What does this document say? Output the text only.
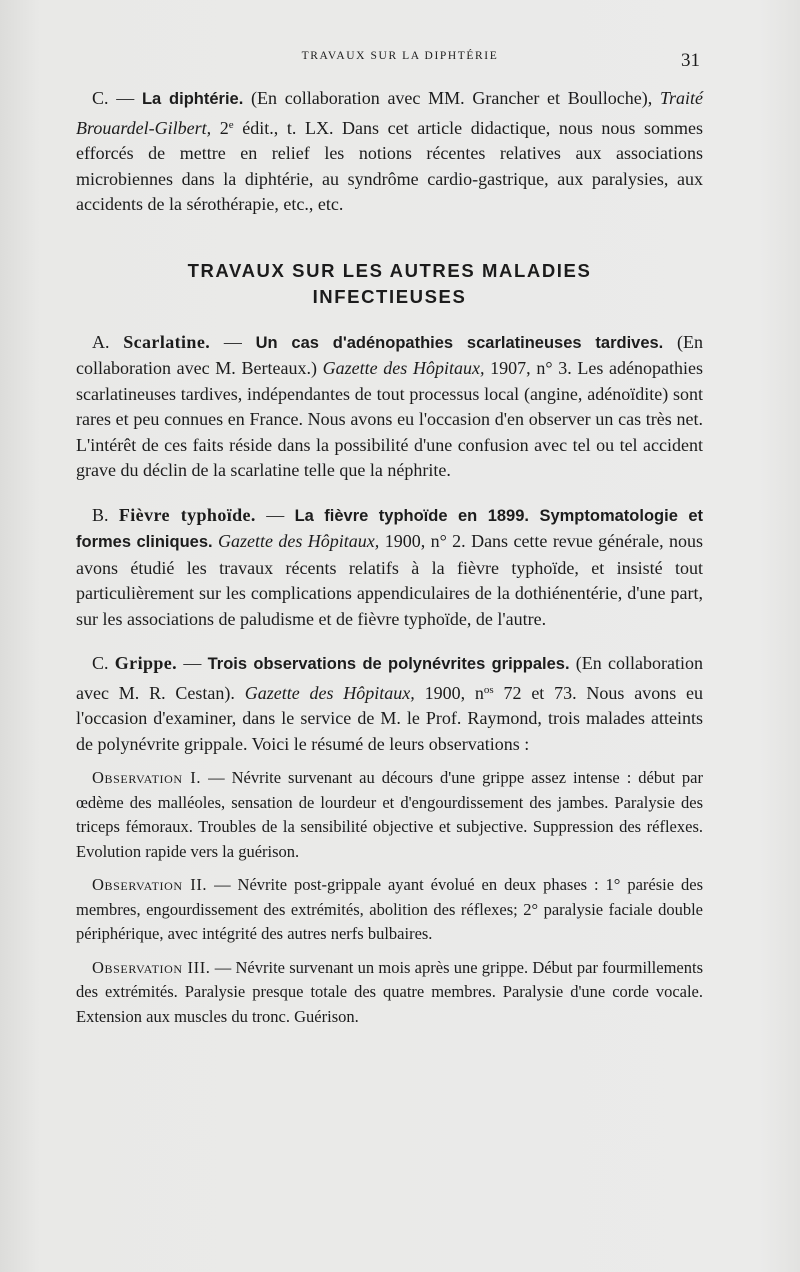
TRAVAUX SUR LA DIPHTÉRIE	31

C. — La diphtérie. (En collaboration avec MM. Grancher et Boulloche), Traité Brouardel-Gilbert, 2e édit., t. LX. Dans cet article didactique, nous nous sommes efforcés de mettre en relief les notions récentes relatives aux associations microbiennes dans la diphtérie, au syndrôme cardio-gastrique, aux paralysies, aux accidents de la sérothérapie, etc., etc.

TRAVAUX SUR LES AUTRES MALADIES
INFECTIEUSES

A. Scarlatine. — Un cas d'adénopathies scarlatineuses tardives. (En collaboration avec M. Berteaux.) Gazette des Hôpitaux, 1907, n° 3. Les adénopathies scarlatineuses tardives, indépendantes de tout processus local (angine, adénoïdite) sont rares et peu connues en France. Nous avons eu l'occasion d'en observer un cas très net. L'intérêt de ces faits réside dans la possibilité d'une confusion avec tel ou tel accident grave du déclin de la scarlatine telle que la néphrite.

B. Fièvre typhoïde. — La fièvre typhoïde en 1899. Symptomatologie et formes cliniques. Gazette des Hôpitaux, 1900, n° 2. Dans cette revue générale, nous avons étudié les travaux récents relatifs à la fièvre typhoïde, et insisté tout particulièrement sur les complications appendiculaires de la dothiénentérie, d'une part, sur les associations de paludisme et de fièvre typhoïde, de l'autre.

C. Grippe. — Trois observations de polynévrites grippales. (En collaboration avec M. R. Cestan). Gazette des Hôpitaux, 1900, $n^{os}$ 72 et 73. Nous avons eu l'occasion d'examiner, dans le service de M. le Prof. Raymond, trois malades atteints de polynévrite grippale. Voici le résumé de leurs observations :

Observation I. — Névrite survenant au décours d'une grippe assez intense : début par œdème des malléoles, sensation de lourdeur et d'engourdissement des jambes. Paralysie des triceps fémoraux. Troubles de la sensibilité objective et subjective. Suppression des réflexes. Evolution rapide vers la guérison.

Observation II. — Névrite post-grippale ayant évolué en deux phases : 1° parésie des membres, engourdissement des extrémités, abolition des réflexes; 2° paralysie faciale double périphérique, avec intégrité des autres nerfs bulbaires.

Observation III. — Névrite survenant un mois après une grippe. Début par fourmillements des extrémités. Paralysie presque totale des quatre membres. Paralysie d'une corde vocale. Extension aux muscles du tronc. Guérison.
